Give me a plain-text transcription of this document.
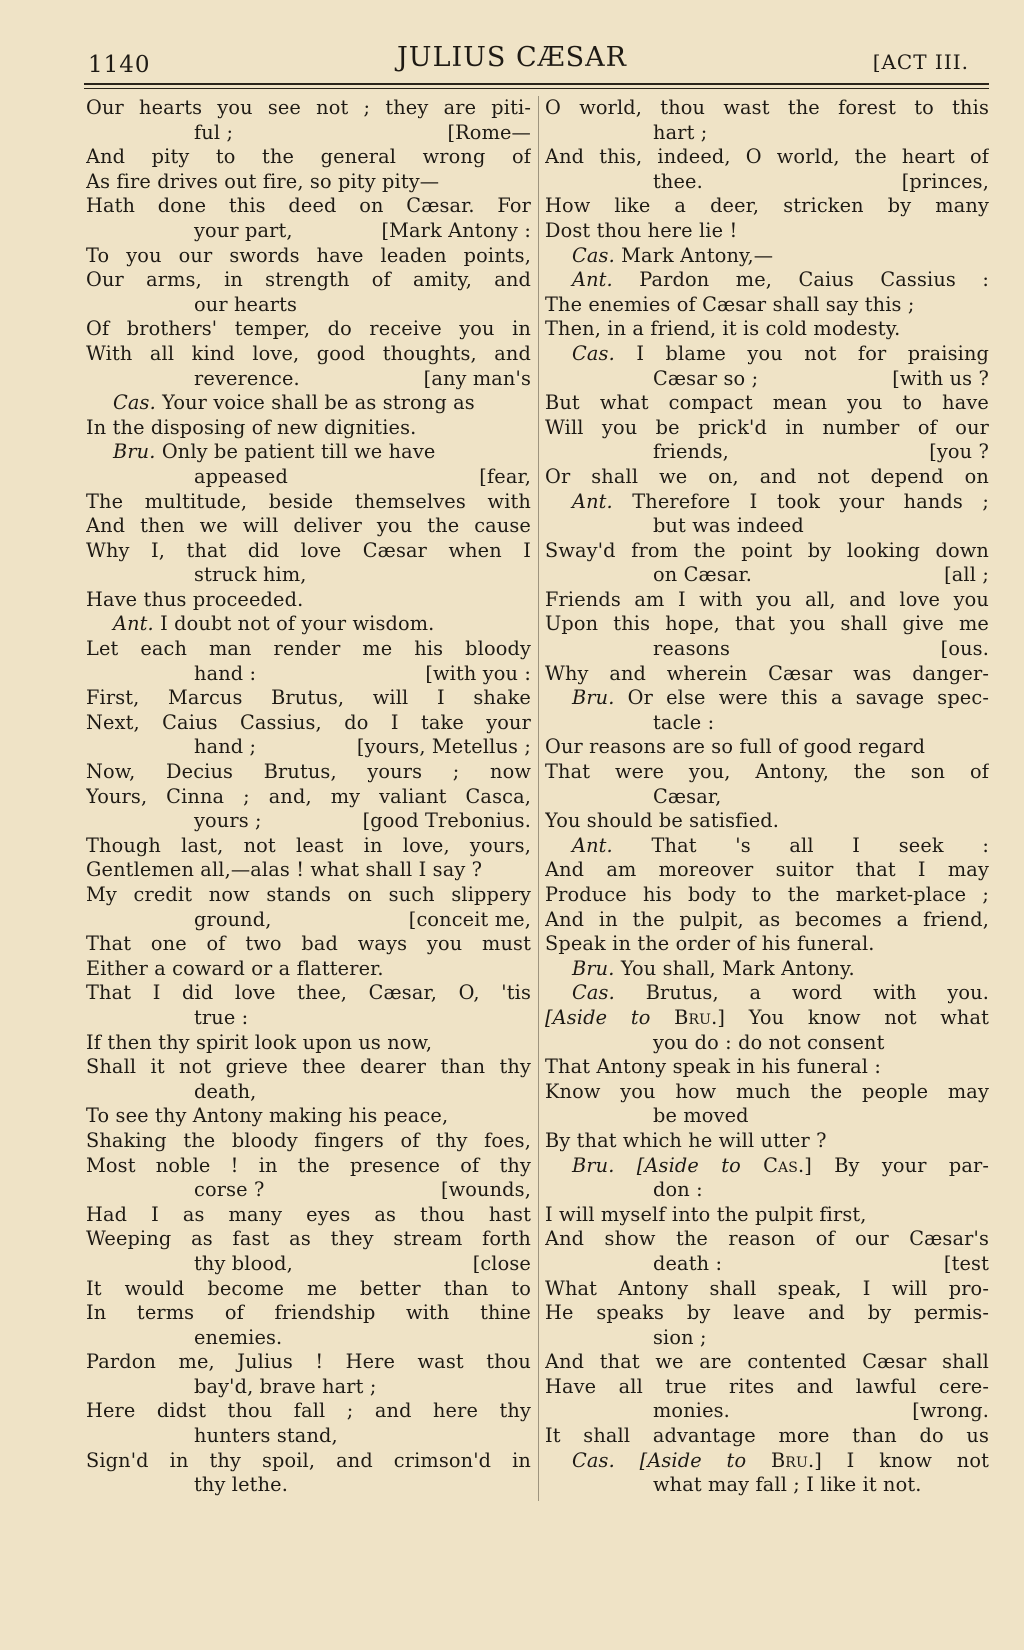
1140	JULIUS CÆSAR	[ACT III.
Our hearts you see not ; they are piti-
[Rome—
ful ;
And pity to the general wrong of
As fire drives out fire, so pity pity—
Hath done this deed on Cæsar. For
[Mark Antony :
your part,
To you our swords have leaden points,
Our arms, in strength of amity, and
our hearts
Of brothers' temper, do receive you in
With all kind love, good thoughts, and
[any man's
reverence.
Cas. Your voice shall be as strong as
In the disposing of new dignities.
Bru. Only be patient till we have
[fear,
appeased
The multitude, beside themselves with
And then we will deliver you the cause
Why I, that did love Cæsar when I
struck him,
Have thus proceeded.
Ant. I doubt not of your wisdom.
Let each man render me his bloody
[with you :
hand :
First, Marcus Brutus, will I shake
Next, Caius Cassius, do I take your
[yours, Metellus ;
hand ;
Now, Decius Brutus, yours ; now
Yours, Cinna ; and, my valiant Casca,
[good Trebonius.
yours ;
Though last, not least in love, yours,
Gentlemen all,—alas ! what shall I say ?
My credit now stands on such slippery
[conceit me,
ground,
That one of two bad ways you must
Either a coward or a flatterer.
That I did love thee, Cæsar, O, 'tis
true :
If then thy spirit look upon us now,
Shall it not grieve thee dearer than thy
death,
To see thy Antony making his peace,
Shaking the bloody fingers of thy foes,
Most noble ! in the presence of thy
[wounds,
corse ?
Had I as many eyes as thou hast
Weeping as fast as they stream forth
[close
thy blood,
It would become me better than to
In terms of friendship with thine
enemies.
Pardon me, Julius ! Here wast thou
bay'd, brave hart ;
Here didst thou fall ; and here thy
hunters stand,
Sign'd in thy spoil, and crimson'd in
thy lethe.
O world, thou wast the forest to this
hart ;
And this, indeed, O world, the heart of
[princes,
thee.
How like a deer, stricken by many
Dost thou here lie !
Cas. Mark Antony,—
Ant. Pardon me, Caius Cassius :
The enemies of Cæsar shall say this ;
Then, in a friend, it is cold modesty.
Cas. I blame you not for praising
[with us ?
Cæsar so ;
But what compact mean you to have
Will you be prick'd in number of our
[you ?
friends,
Or shall we on, and not depend on
Ant. Therefore I took your hands ;
but was indeed
Sway'd from the point by looking down
[all ;
on Cæsar.
Friends am I with you all, and love you
Upon this hope, that you shall give me
[ous.
reasons
Why and wherein Cæsar was danger-
Bru. Or else were this a savage spec-
tacle :
Our reasons are so full of good regard
That were you, Antony, the son of
Cæsar,
You should be satisfied.
Ant. That 's all I seek :
And am moreover suitor that I may
Produce his body to the market-place ;
And in the pulpit, as becomes a friend,
Speak in the order of his funeral.
Bru. You shall, Mark Antony.
Cas. Brutus, a word with you.
[Aside to Bru.] You know not what
you do : do not consent
That Antony speak in his funeral :
Know you how much the people may
be moved
By that which he will utter ?
Bru. [Aside to Cas.] By your par-
don :
I will myself into the pulpit first,
And show the reason of our Cæsar's
[test
death :
What Antony shall speak, I will pro-
He speaks by leave and by permis-
sion ;
And that we are contented Cæsar shall
Have all true rites and lawful cere-
[wrong.
monies.
It shall advantage more than do us
Cas. [Aside to Bru.] I know not
what may fall ; I like it not.
